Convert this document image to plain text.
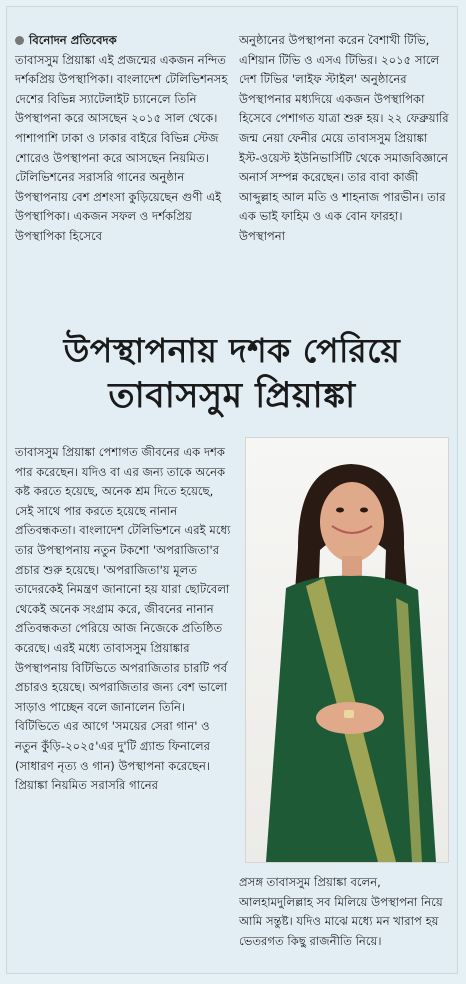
বিনোদন প্রতিবেদক

তাবাসসুম প্রিয়াঙ্কা এই প্রজন্মের একজন নন্দিত দর্শকপ্রিয় উপস্থাপিকা। বাংলাদেশ টেলিভিশনসহ দেশের বিভিন্ন স্যাটেলাইট চ্যানেলে তিনি উপস্থাপনা করে আসছেন ২০১৫ সাল থেকে। পাশাপাশি ঢাকা ও ঢাকার বাইরে বিভিন্ন স্টেজ শোরেও উপস্থাপনা করে আসছেন নিয়মিত। টেলিভিশনের সরাসরি গানের অনুষ্ঠান উপস্থাপনায় বেশ প্রশংসা কুড়িয়েছেন গুণী এই উপস্থাপিকা। একজন সফল ও দর্শকপ্রিয় উপস্থাপিকা হিসেবে

অনুষ্ঠানের উপস্থাপনা করেন বৈশাখী টিভি, এশিয়ান টিভি ও এসএ টিভির। ২০১৫ সালে দেশ টিভির 'লাইফ স্টাইল' অনুষ্ঠানের উপস্থাপনার মধ্যদিয়ে একজন উপস্থাপিকা হিসেবে পেশাগত যাত্রা শুরু হয়। ২২ ফেব্রুয়ারি জন্ম নেয়া ফেনীর মেয়ে তাবাসসুম প্রিয়াঙ্কা ইস্ট-ওয়েস্ট ইউনিভার্সিটি থেকে সমাজবিজ্ঞানে অনার্স সম্পন্ন করেছেন। তার বাবা কাজী আব্দুল্লাহ আল মতি ও শাহনাজ পারভীন। তার এক ভাই ফাহিম ও এক বোন ফারহা। উপস্থাপনা

উপস্থাপনায় দশক পেরিয়ে
তাবাসসুম প্রিয়াঙ্কা

তাবাসসুম প্রিয়াঙ্কা পেশাগত জীবনের এক দশক পার করেছেন। যদিও বা এর জন্য তাকে অনেক কষ্ট করতে হয়েছে, অনেক শ্রম দিতে হয়েছে, সেই সাথে পার করতে হয়েছে নানান প্রতিবন্ধকতা। বাংলাদেশ টেলিভিশনে এরই মধ্যে তার উপস্থাপনায় নতুন টকশো 'অপরাজিতা'র প্রচার শুরু হয়েছে। 'অপরাজিতা'য় মূলত তাদেরকেই নিমন্ত্রণ জানানো হয় যারা ছোটবেলা থেকেই অনেক সংগ্রাম করে, জীবনের নানান প্রতিবন্ধকতা পেরিয়ে আজ নিজেকে প্রতিষ্ঠিত করেছে। এরই মধ্যে তাবাসসুম প্রিয়াঙ্কার উপস্থাপনায় বিটিভিতে অপরাজিতার চারটি পর্ব প্রচারও হয়েছে। অপরাজিতার জন্য বেশ ভালো সাড়াও পাচ্ছেন বলে জানালেন তিনি। বিটিভিতে এর আগে 'সময়ের সেরা গান' ও নতুন কুঁড়ি-২০২৫'এর দু'টি গ্র্যান্ড ফিনালের (সাধারণ নৃত্য ও গান) উপস্থাপনা করেছেন। প্রিয়াঙ্কা নিয়মিত সরাসরি গানের

প্রসঙ্গ তাবাসসুম প্রিয়াঙ্কা বলেন, আলহামদুলিল্লাহ সব মিলিয়ে উপস্থাপনা নিয়ে আমি সন্তুষ্ট। যদিও মাঝে মধ্যে মন খারাপ হয় ভেতরগত কিছু রাজনীতি নিয়ে।
